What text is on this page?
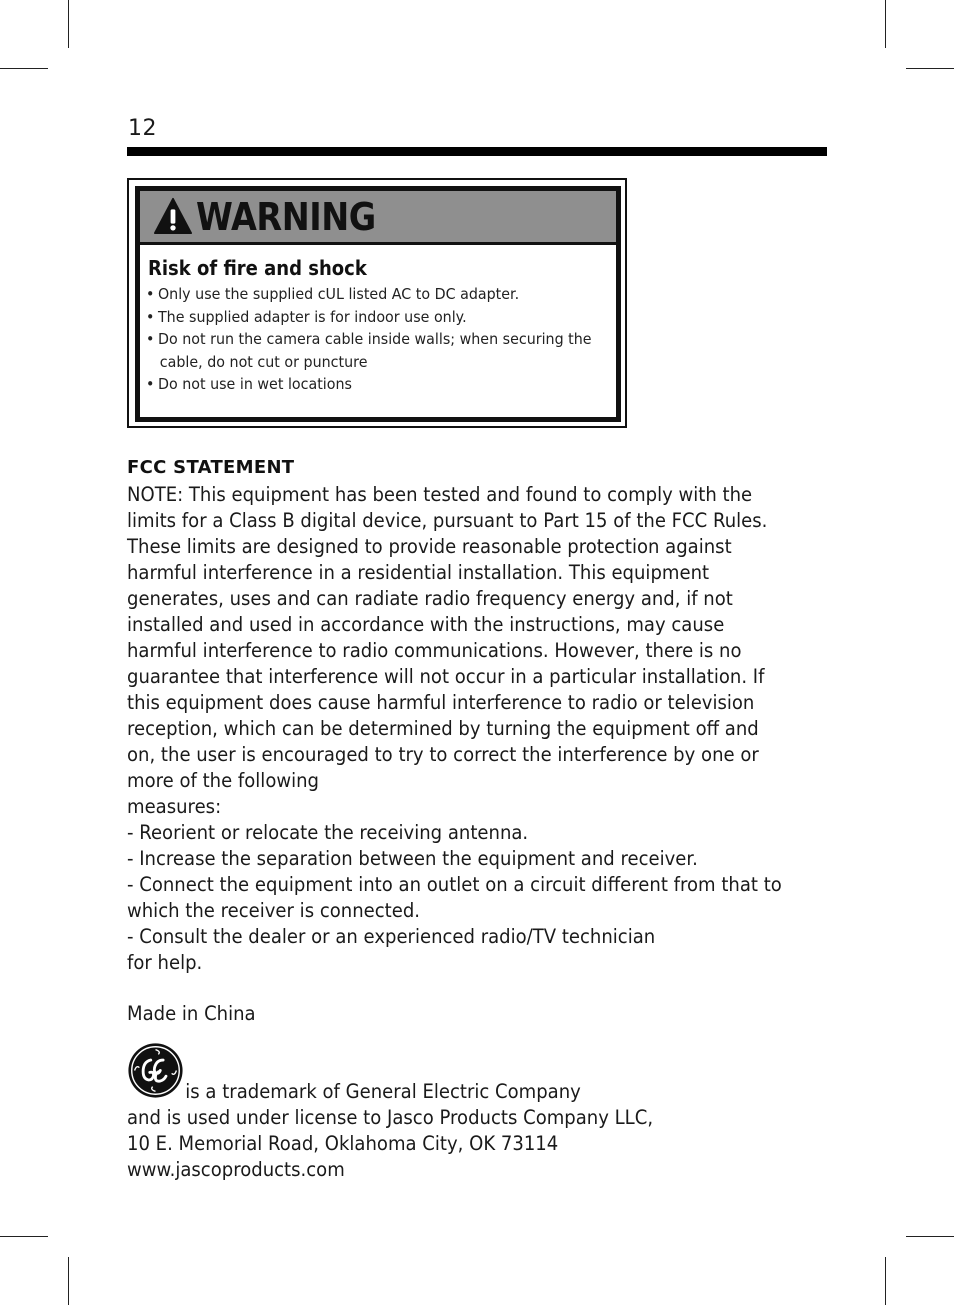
12
WARNING
Risk of fire and shock
• Only use the supplied cUL listed AC to DC adapter.
• The supplied adapter is for indoor use only.
• Do not run the camera cable inside walls; when securing the
cable, do not cut or puncture
• Do not use in wet locations
FCC STATEMENT

NOTE: This equipment has been tested and found to comply with the

limits for a Class B digital device, pursuant to Part 15 of the FCC Rules.

These limits are designed to provide reasonable protection against

harmful interference in a residential installation. This equipment

generates, uses and can radiate radio frequency energy and, if not

installed and used in accordance with the instructions, may cause

harmful interference to radio communications. However, there is no

guarantee that interference will not occur in a particular installation. If

this equipment does cause harmful interference to radio or television

reception, which can be determined by turning the equipment off and

on, the user is encouraged to try to correct the interference by one or

more of the following

measures:

- Reorient or relocate the receiving antenna.

- Increase the separation between the equipment and receiver.

- Connect the equipment into an outlet on a circuit different from that to

which the receiver is connected.

- Consult the dealer or an experienced radio/TV technician

for help.

Made in China
GE	is a trademark of General Electric Company
and is used under license to Jasco Products Company LLC,
10 E. Memorial Road, Oklahoma City, OK 73114
www.jascoproducts.com
